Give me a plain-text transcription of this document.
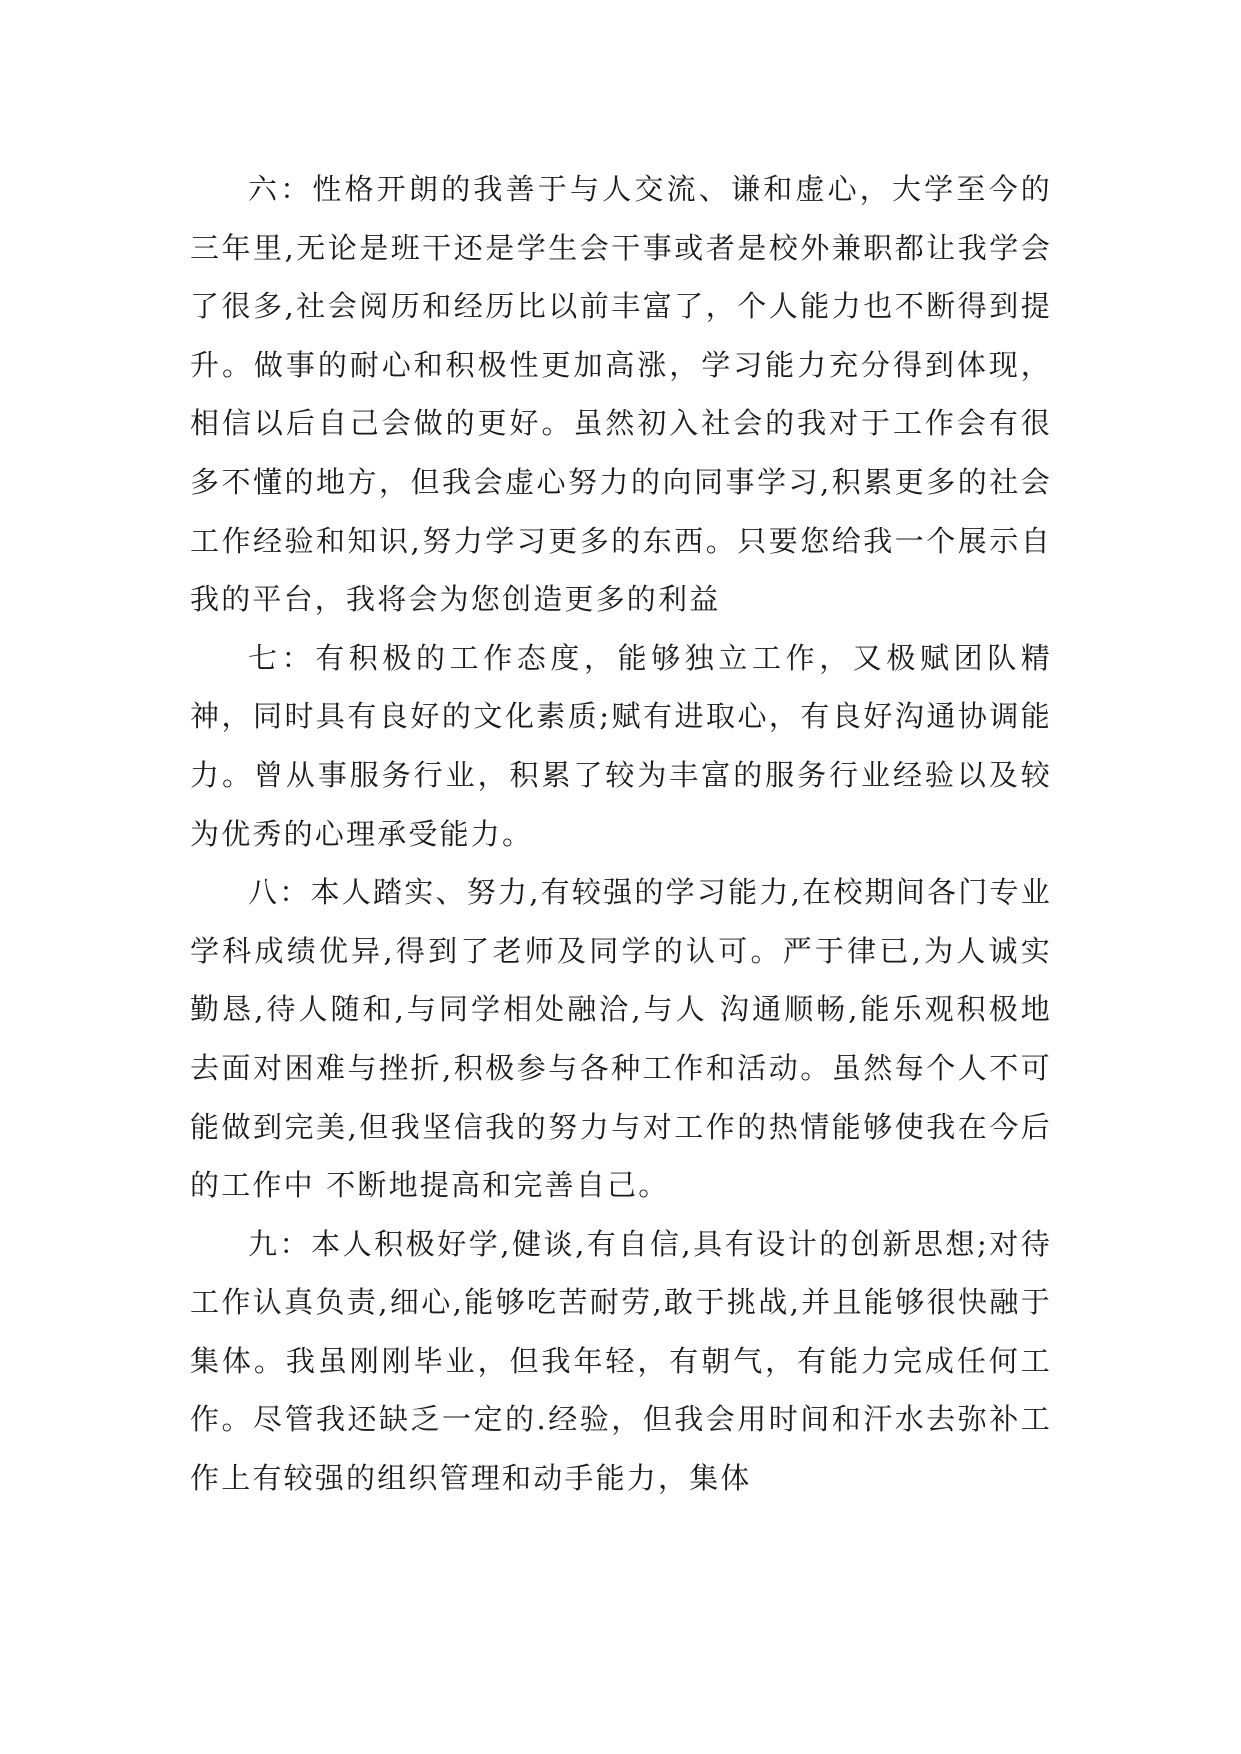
六：性格开朗的我善于与人交流、谦和虚心，大学至今的三年里,无论是班干还是学生会干事或者是校外兼职都让我学会了很多,社会阅历和经历比以前丰富了，个人能力也不断得到提升。做事的耐心和积极性更加高涨，学习能力充分得到体现，相信以后自己会做的更好。虽然初入社会的我对于工作会有很多不懂的地方，但我会虚心努力的向同事学习,积累更多的社会工作经验和知识,努力学习更多的东西。只要您给我一个展示自我的平台，我将会为您创造更多的利益

七：有积极的工作态度，能够独立工作，又极赋团队精神，同时具有良好的文化素质;赋有进取心，有良好沟通协调能力。曾从事服务行业，积累了较为丰富的服务行业经验以及较为优秀的心理承受能力。

八：本人踏实、努力,有较强的学习能力,在校期间各门专业学科成绩优异,得到了老师及同学的认可。严于律已,为人诚实勤恳,待人随和,与同学相处融洽,与人 沟通顺畅,能乐观积极地去面对困难与挫折,积极参与各种工作和活动。虽然每个人不可能做到完美,但我坚信我的努力与对工作的热情能够使我在今后的工作中 不断地提高和完善自己。

九：本人积极好学,健谈,有自信,具有设计的创新思想;对待工作认真负责,细心,能够吃苦耐劳,敢于挑战,并且能够很快融于集体。我虽刚刚毕业，但我年轻，有朝气，有能力完成任何工作。尽管我还缺乏一定的.经验，但我会用时间和汗水去弥补工作上有较强的组织管理和动手能力，集体
